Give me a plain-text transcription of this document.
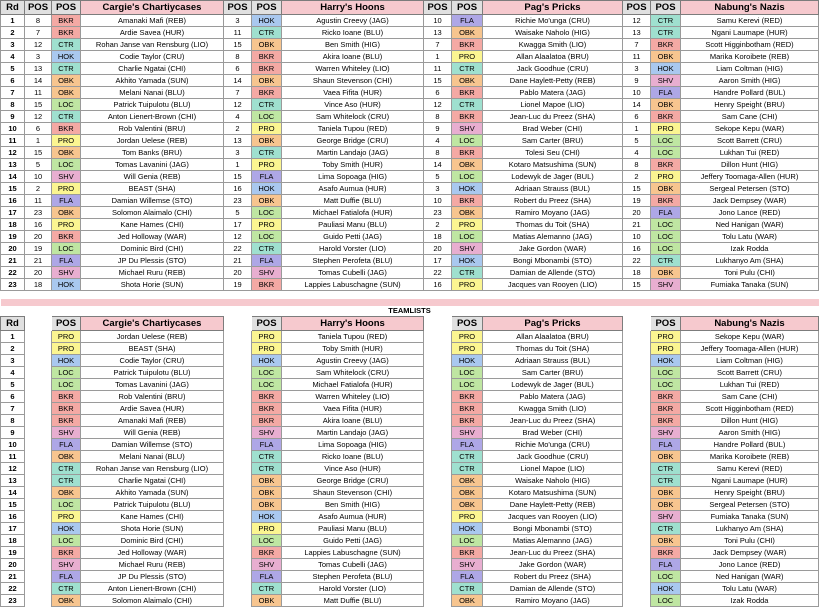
Rd	POS	POS	Cargie's Chartiycases	POS	POS	Harry's Hoons	POS	POS	Pag's Pricks	POS	POS	Nabung's Nazis
1	8	BKR	Amanaki Mafi (REB)	3	HOK	Agustin Creevy (JAG)	10	FLA	Richie Mo'unga (CRU)	12	CTR	Samu Kerevi (RED)
2	7	BKR	Ardie Savea (HUR)	11	CTR	Ricko Ioane (BLU)	13	OBK	Waisake Naholo (HIG)	13	CTR	Ngani Laumape (HUR)
3	12	CTR	Rohan Janse van Rensburg (LIO)	15	OBK	Ben Smith (HIG)	7	BKR	Kwagga Smith (LIO)	7	BKR	Scott Higginbotham (RED)
4	3	HOK	Codie Taylor (CRU)	8	BKR	Akira Ioane (BLU)	1	PRO	Allan Alaalatoa (BRU)	11	OBK	Marika Koroibete (REB)
5	13	CTR	Charlie Ngatai (CHI)	6	BKR	Warren Whiteley (LIO)	11	CTR	Jack Goodhue (CRU)	3	HOK	Liam Coltman (HIG)
6	14	OBK	Akhito Yamada (SUN)	14	OBK	Shaun Stevenson (CHI)	15	OBK	Dane Haylett-Petty (REB)	9	SHV	Aaron Smith (HIG)
7	11	OBK	Melani Nanai (BLU)	7	BKR	Vaea Fifita (HUR)	6	BKR	Pablo Matera (JAG)	10	FLA	Handre Pollard (BUL)
8	15	LOC	Patrick Tuipulotu (BLU)	12	CTR	Vince Aso (HUR)	12	CTR	Lionel Mapoe (LIO)	14	OBK	Henry Speight (BRU)
9	12	CTR	Anton Lienert-Brown (CHI)	4	LOC	Sam Whitelock (CRU)	8	BKR	Jean-Luc du Preez (SHA)	6	BKR	Sam Cane (CHI)
10	6	BKR	Rob Valentini (BRU)	2	PRO	Taniela Tupou (RED)	9	SHV	Brad Weber (CHI)	1	PRO	Sekope Kepu (WAR)
11	1	PRO	Jordan Uelese (REB)	13	OBK	George Bridge (CRU)	4	LOC	Sam Carter (BRU)	5	LOC	Scott Barrett (CRU)
12	15	OBK	Tom Banks (BRU)	3	CTR	Martin Landajo (JAG)	8	BKR	Tolesi Seu (CHI)	4	LOC	Lukhan Tui (RED)
13	5	LOC	Tomas Lavanini (JAG)	1	PRO	Toby Smith (HUR)	14	OBK	Kotaro Matsushima (SUN)	8	BKR	Dillon Hunt (HIG)
14	10	SHV	Will Genia (REB)	15	FLA	Lima Sopoaga (HIG)	5	LOC	Lodewyk de Jager (BUL)	2	PRO	Jeffery Toomaga-Allen (HUR)
15	2	PRO	BEAST (SHA)	16	HOK	Asafo Aumua (HUR)	3	HOK	Adriaan Strauss (BUL)	15	OBK	Sergeal Petersen (STO)
16	11	FLA	Damian Willemse (STO)	23	OBK	Matt Duffie (BLU)	10	BKR	Robert du Preez (SHA)	19	BKR	Jack Dempsey (WAR)
17	23	OBK	Solomon Alaimalo (CHI)	5	LOC	Michael Fatialofa (HUR)	23	OBK	Ramiro Moyano (JAG)	20	FLA	Jono Lance (RED)
18	16	PRO	Kane Hames (CHI)	17	PRO	Pauliasi Manu (BLU)	2	PRO	Thomas du Toit (SHA)	21	LOC	Ned Hanigan (WAR)
19	20	BKR	Jed Holloway (WAR)	12	LOC	Guido Petti (JAG)	18	LOC	Matias Alemanno (JAG)	10	LOC	Tolu Latu (WAR)
20	19	LOC	Dominic Bird (CHI)	22	CTR	Harold Vorster (LIO)	20	SHV	Jake Gordon (WAR)	16	LOC	Izak Rodda
21	21	FLA	JP Du Plessis (STO)	21	FLA	Stephen Perofeta (BLU)	17	HOK	Bongi Mbonambi (STO)	22	CTR	Lukhanyo Am (SHA)
22	20	SHV	Michael Ruru (REB)	20	SHV	Tomas Cubelli (JAG)	22	CTR	Damian de Allende (STO)	18	OBK	Toni Pulu (CHI)
23	18	HOK	Shota Horie (SUN)	19	BKR	Lappies Labuschagne (SUN)	16	PRO	Jacques van Rooyen (LIO)	15	SHV	Fumiaka Tanaka (SUN)

TEAMLISTS												
Rd		POS	Cargie's Chartiycases		POS	Harry's Hoons		POS	Pag's Pricks		POS	Nabung's Nazis
1		PRO	Jordan Uelese (REB)		PRO	Taniela Tupou (RED)		PRO	Allan Alaalatoa (BRU)		PRO	Sekope Kepu (WAR)
2		PRO	BEAST (SHA)		PRO	Toby Smith (HUR)		PRO	Thomas du Toit (SHA)		PRO	Jeffery Toomaga-Allen (HUR)
3		HOK	Codie Taylor (CRU)		HOK	Agustin Creevy (JAG)		HOK	Adriaan Strauss (BUL)		HOK	Liam Coltman (HIG)
4		LOC	Patrick Tuipulotu (BLU)		LOC	Sam Whitelock (CRU)		LOC	Sam Carter (BRU)		LOC	Scott Barrett (CRU)
5		LOC	Tomas Lavanini (JAG)		LOC	Michael Fatialofa (HUR)		LOC	Lodewyk de Jager (BUL)		LOC	Lukhan Tui (RED)
6		BKR	Rob Valentini (BRU)		BKR	Warren Whiteley (LIO)		BKR	Pablo Matera (JAG)		BKR	Sam Cane (CHI)
7		BKR	Ardie Savea (HUR)		BKR	Vaea Fifita (HUR)		BKR	Kwagga Smith (LIO)		BKR	Scott Higginbotham (RED)
8		BKR	Amanaki Mafi (REB)		BKR	Akira Ioane (BLU)		BKR	Jean-Luc du Preez (SHA)		BKR	Dillon Hunt (HIG)
9		SHV	Will Genia (REB)		SHV	Martin Landajo (JAG)		SHV	Brad Weber (CHI)		SHV	Aaron Smith (HIG)
10		FLA	Damian Willemse (STO)		FLA	Lima Sopoaga (HIG)		FLA	Richie Mo'unga (CRU)		FLA	Handre Pollard (BUL)
11		OBK	Melani Nanai (BLU)		CTR	Ricko Ioane (BLU)		CTR	Jack Goodhue (CRU)		OBK	Marika Koroibete (REB)
12		CTR	Rohan Janse van Rensburg (LIO)		CTR	Vince Aso (HUR)		CTR	Lionel Mapoe (LIO)		CTR	Samu Kerevi (RED)
13		CTR	Charlie Ngatai (CHI)		OBK	George Bridge (CRU)		OBK	Waisake Naholo (HIG)		CTR	Ngani Laumape (HUR)
14		OBK	Akhito Yamada (SUN)		OBK	Shaun Stevenson (CHI)		OBK	Kotaro Matsushima (SUN)		OBK	Henry Speight (BRU)
15		LOC	Patrick Tuipulotu (BLU)		OBK	Ben Smith (HIG)		OBK	Dane Haylett-Petty (REB)		OBK	Sergeal Petersen (STO)
16		PRO	Kane Hames (CHI)		HOK	Asafo Aumua (HUR)		PRO	Jacques van Rooyen (LIO)		SHV	Fumiaka Tanaka (SUN)
17		HOK	Shota Horie (SUN)		PRO	Pauliasi Manu (BLU)		HOK	Bongi Mbonambi (STO)		CTR	Lukhanyo Am (SHA)
18		LOC	Dominic Bird (CHI)		LOC	Guido Petti (JAG)		LOC	Matias Alemanno (JAG)		OBK	Toni Pulu (CHI)
19		BKR	Jed Holloway (WAR)		BKR	Lappies Labuschagne (SUN)		BKR	Jean-Luc du Preez (SHA)		BKR	Jack Dempsey (WAR)
20		SHV	Michael Ruru (REB)		SHV	Tomas Cubelli (JAG)		SHV	Jake Gordon (WAR)		FLA	Jono Lance (RED)
21		FLA	JP Du Plessis (STO)		FLA	Stephen Perofeta (BLU)		FLA	Robert du Preez (SHA)		LOC	Ned Hanigan (WAR)
22		CTR	Anton Lienert-Brown (CHI)		CTR	Harold Vorster (LIO)		CTR	Damian de Allende (STO)		HOK	Tolu Latu (WAR)
23		OBK	Solomon Alaimalo (CHI)		OBK	Matt Duffie (BLU)		OBK	Ramiro Moyano (JAG)		LOC	Izak Rodda
